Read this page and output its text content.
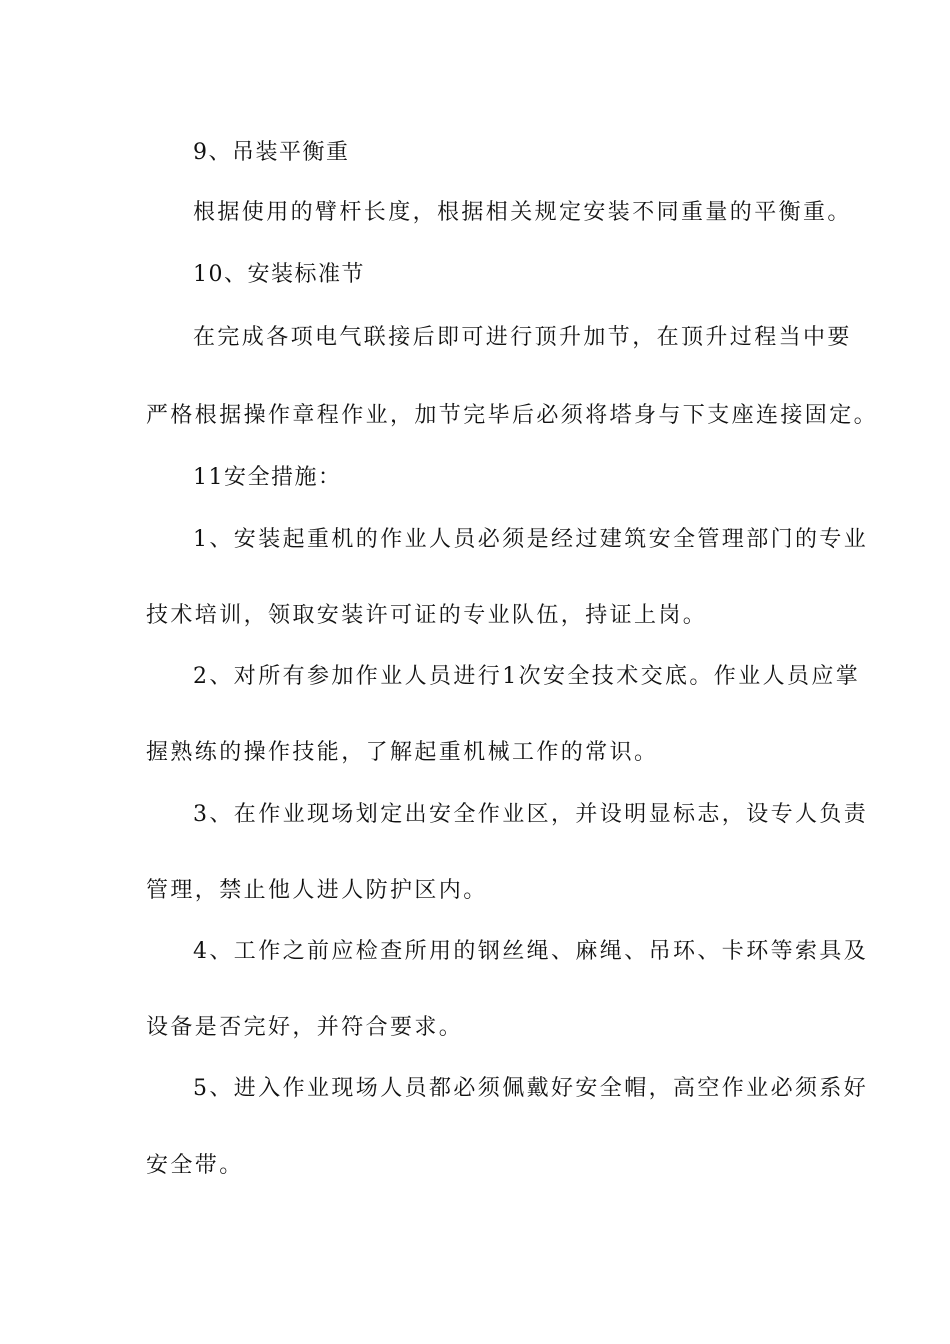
9、吊装平衡重
根据使用的臂杆长度，根据相关规定安装不同重量的平衡重。
10、安装标准节
在完成各项电气联接后即可进行顶升加节，在顶升过程当中要
严格根据操作章程作业，加节完毕后必须将塔身与下支座连接固定。
11安全措施：
1、安装起重机的作业人员必须是经过建筑安全管理部门的专业
技术培训，领取安装许可证的专业队伍，持证上岗。
2、对所有参加作业人员进行1次安全技术交底。作业人员应掌
握熟练的操作技能，了解起重机械工作的常识。
3、在作业现场划定出安全作业区，并设明显标志，设专人负责
管理，禁止他人进人防护区内。
4、工作之前应检查所用的钢丝绳、麻绳、吊环、卡环等索具及
设备是否完好，并符合要求。
5、进入作业现场人员都必须佩戴好安全帽，高空作业必须系好
安全带。
